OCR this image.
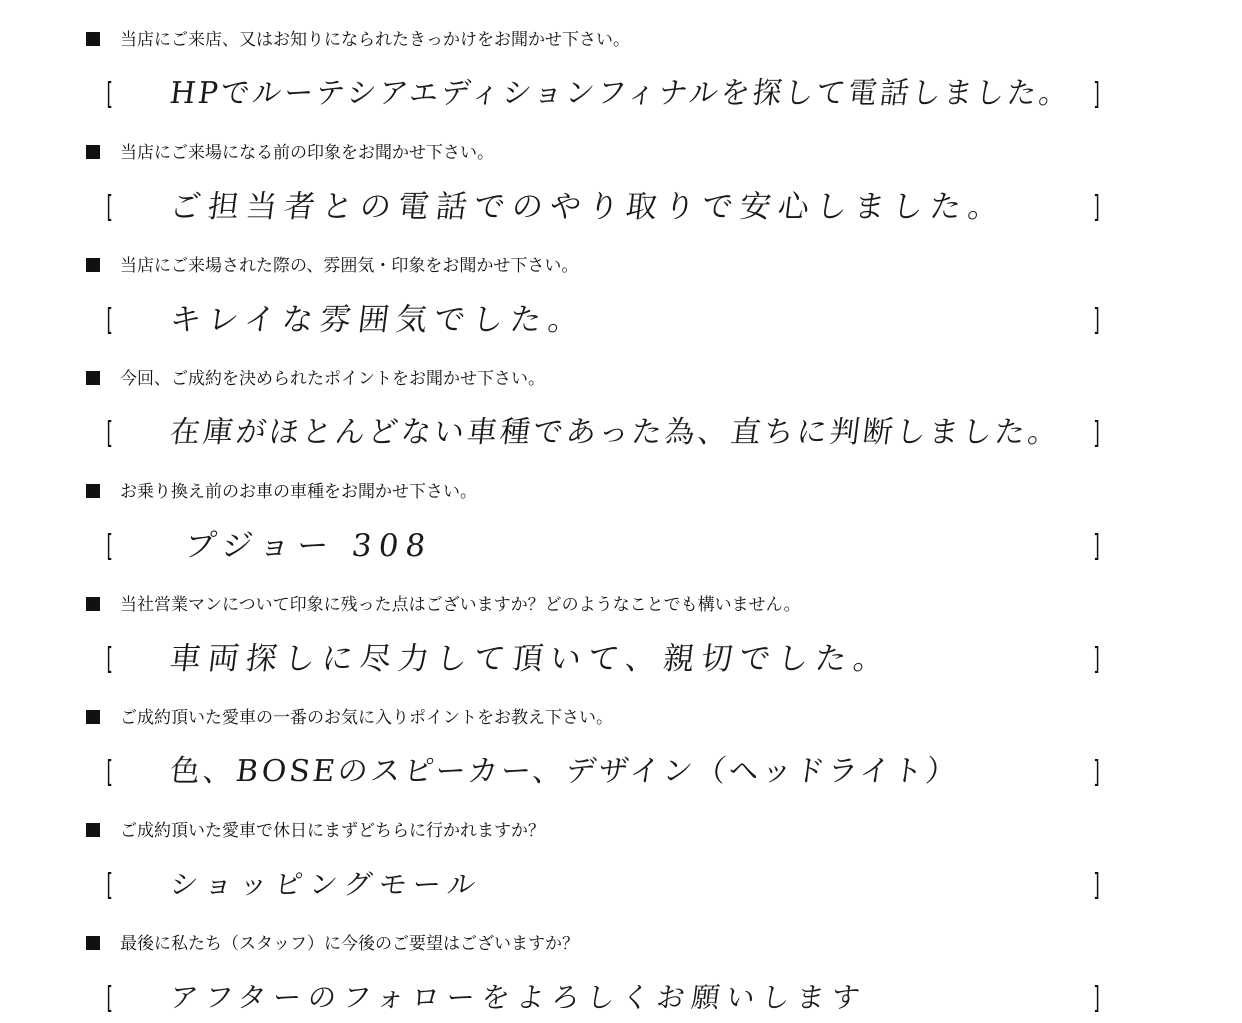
当店にご来店、又はお知りになられたきっかけをお聞かせ下さい。
[ HPでルーテシアエディションフィナルを探して電話しました。 ]
当店にご来場になる前の印象をお聞かせ下さい。
[ ご担当者との電話でのやり取りで安心しました。	]
当店にご来場された際の、雰囲気・印象をお聞かせ下さい。
[ キレイな雰囲気でした。	]
今回、ご成約を決められたポイントをお聞かせ下さい。
[ 在庫がほとんどない車種であった為、直ちに判断しました。 ]
お乗り換え前のお車の車種をお聞かせ下さい。
[ プジョー 308	]
当社営業マンについて印象に残った点はございますか？どのようなことでも構いません。
[ 車両探しに尽力して頂いて、親切でした。	]
ご成約頂いた愛車の一番のお気に入りポイントをお教え下さい。
[ 色、BOSEのスピーカー、デザイン（ヘッドライト）	]
ご成約頂いた愛車で休日にまずどちらに行かれますか？
[ ショッピングモール	]
最後に私たち（スタッフ）に今後のご要望はございますか？
[ アフターのフォローをよろしくお願いします	]
